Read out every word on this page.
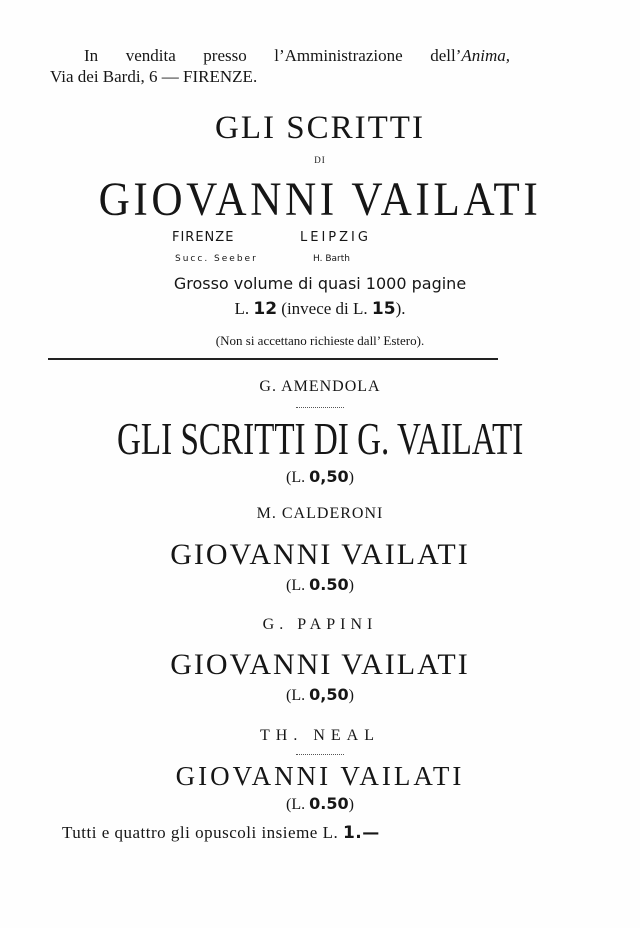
In vendita presso l’Amministrazione dell’Anima,
Via dei Bardi, 6 — FIRENZE.
GLI SCRITTI
DI
GIOVANNI VAILATI
FIRENZE	LEIPZIG
Succ. Seeber	H. Barth
Grosso volume di quasi 1000 pagine
L. 12 (invece di L. 15).
(Non si accettano richieste dall’ Estero).
G. AMENDOLA
GLI SCRITTI DI G. VAILATI
(L. 0,50)
M. CALDERONI
GIOVANNI VAILATI
(L. 0.50)
G. PAPINI
GIOVANNI VAILATI
(L. 0,50)
TH. NEAL
GIOVANNI VAILATI
(L. 0.50)
Tutti e quattro gli opuscoli insieme L. 1.—
